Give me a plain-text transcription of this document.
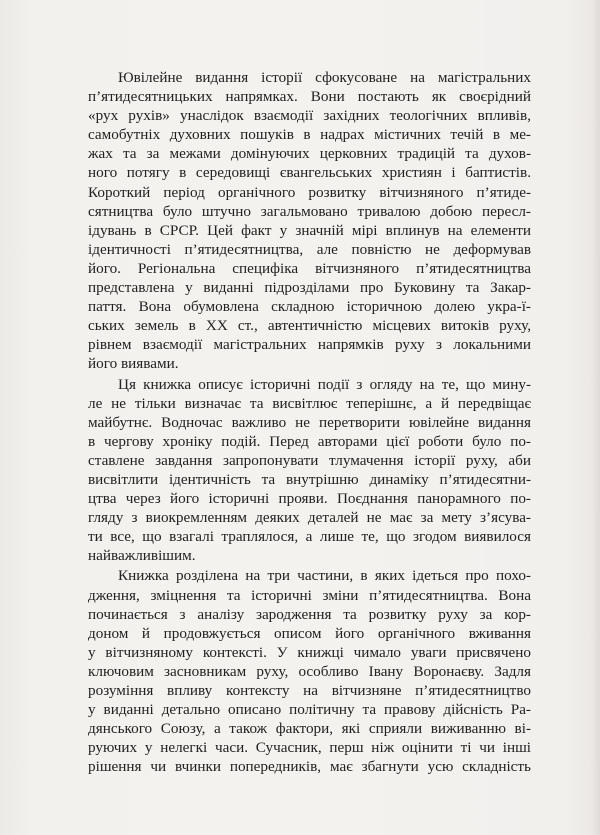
Ювілейне видання історії сфокусоване на магістральних
п’ятидесятницьких напрямках. Вони постають як своєрідний
«рух рухів» унаслідок взаємодії західних теологічних впливів,
самобутніх духовних пошуків в надрах містичних течій в ме-
жах та за межами домінуючих церковних традицій та духов-
ного потягу в середовищі євангельських християн і баптистів.
Короткий період органічного розвитку вітчизняного п’ятиде-
сятництва було штучно загальмовано тривалою добою пересл-
ідувань в СРСР. Цей факт у значній мірі вплинув на елементи
ідентичності п’ятидесятництва, але повністю не деформував
його. Регіональна специфіка вітчизняного п’ятидесятництва
представлена у виданні підрозділами про Буковину та Закар-
паття. Вона обумовлена складною історичною долею укра-ї-
ських земель в XX ст., автентичністю місцевих витоків руху,
рівнем взаємодії магістральних напрямків руху з локальними
його виявами.
Ця книжка описує історичні події з огляду на те, що мину-
ле не тільки визначає та висвітлює теперішнє, а й передвіщає
майбутнє. Водночас важливо не перетворити ювілейне видання
в чергову хроніку подій. Перед авторами цієї роботи було по-
ставлене завдання запропонувати тлумачення історії руху, аби
висвітлити ідентичність та внутрішню динаміку п’ятидесятни-
цтва через його історичні прояви. Поєднання панорамного по-
гляду з виокремленням деяких деталей не має за мету з’ясува-
ти все, що взагалі траплялося, а лише те, що згодом виявилося
найважливішим.
Книжка розділена на три частини, в яких ідеться про похо-
дження, зміцнення та історичні зміни п’ятидесятництва. Вона
починається з аналізу зародження та розвитку руху за кор-
доном й продовжується описом його органічного вживання
у вітчизняному контексті. У книжці чимало уваги присвячено
ключовим засновникам руху, особливо Івану Воронаєву. Задля
розуміння впливу контексту на вітчизняне п’ятидесятництво
у виданні детально описано політичну та правову дійсність Ра-
дянського Союзу, а також фактори, які сприяли виживанню ві-
руючих у нелегкі часи. Сучасник, перш ніж оцінити ті чи інші
рішення чи вчинки попередників, має збагнути усю складність
